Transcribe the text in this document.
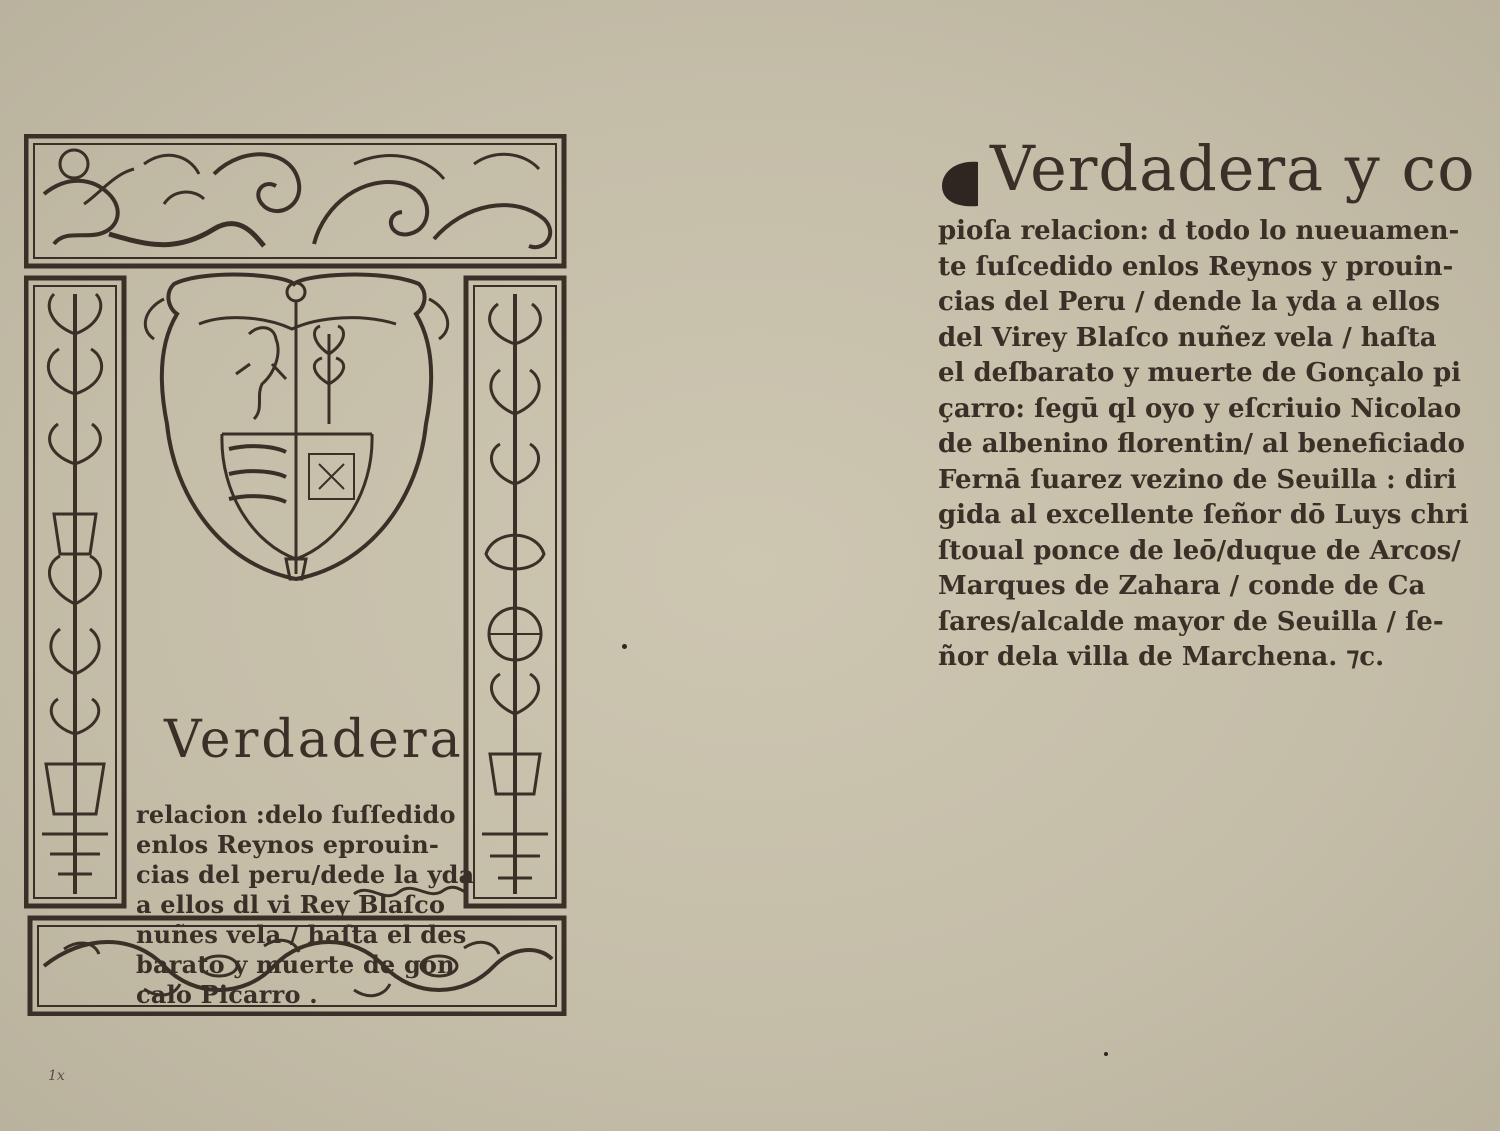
Verdadera
relacion :delo ſuſſedido
enlos Reynos eprouin-
cias del peru/dede la yda
a ellos dl vi Rey Blaſco
nuñes vela / haſta el des
barato y muerte de gon
calo Picarro .
Verdadera y co
pioſa relacion: d todo lo nueuamen-
te ſuſcedido enlos Reynos y prouin-
cias del Peru / dende la yda a ellos
del Virey Blaſco nuñez vela / haſta
el deſbarato y muerte de Gonçalo pi
çarro: ſegū ql oyo y eſcriuio Nicolao
de albenino florentin/ al beneficiado
Fernā ſuarez vezino de Seuilla : diri
gida al excellente ſeñor dō Luys chri
ſtoual ponce de leō/duque de Arcos/
Marques de Zahara / conde de Ca
ſares/alcalde mayor de Seuilla / ſe-
ñor dela villa de Marchena. ⁊c.
1x
